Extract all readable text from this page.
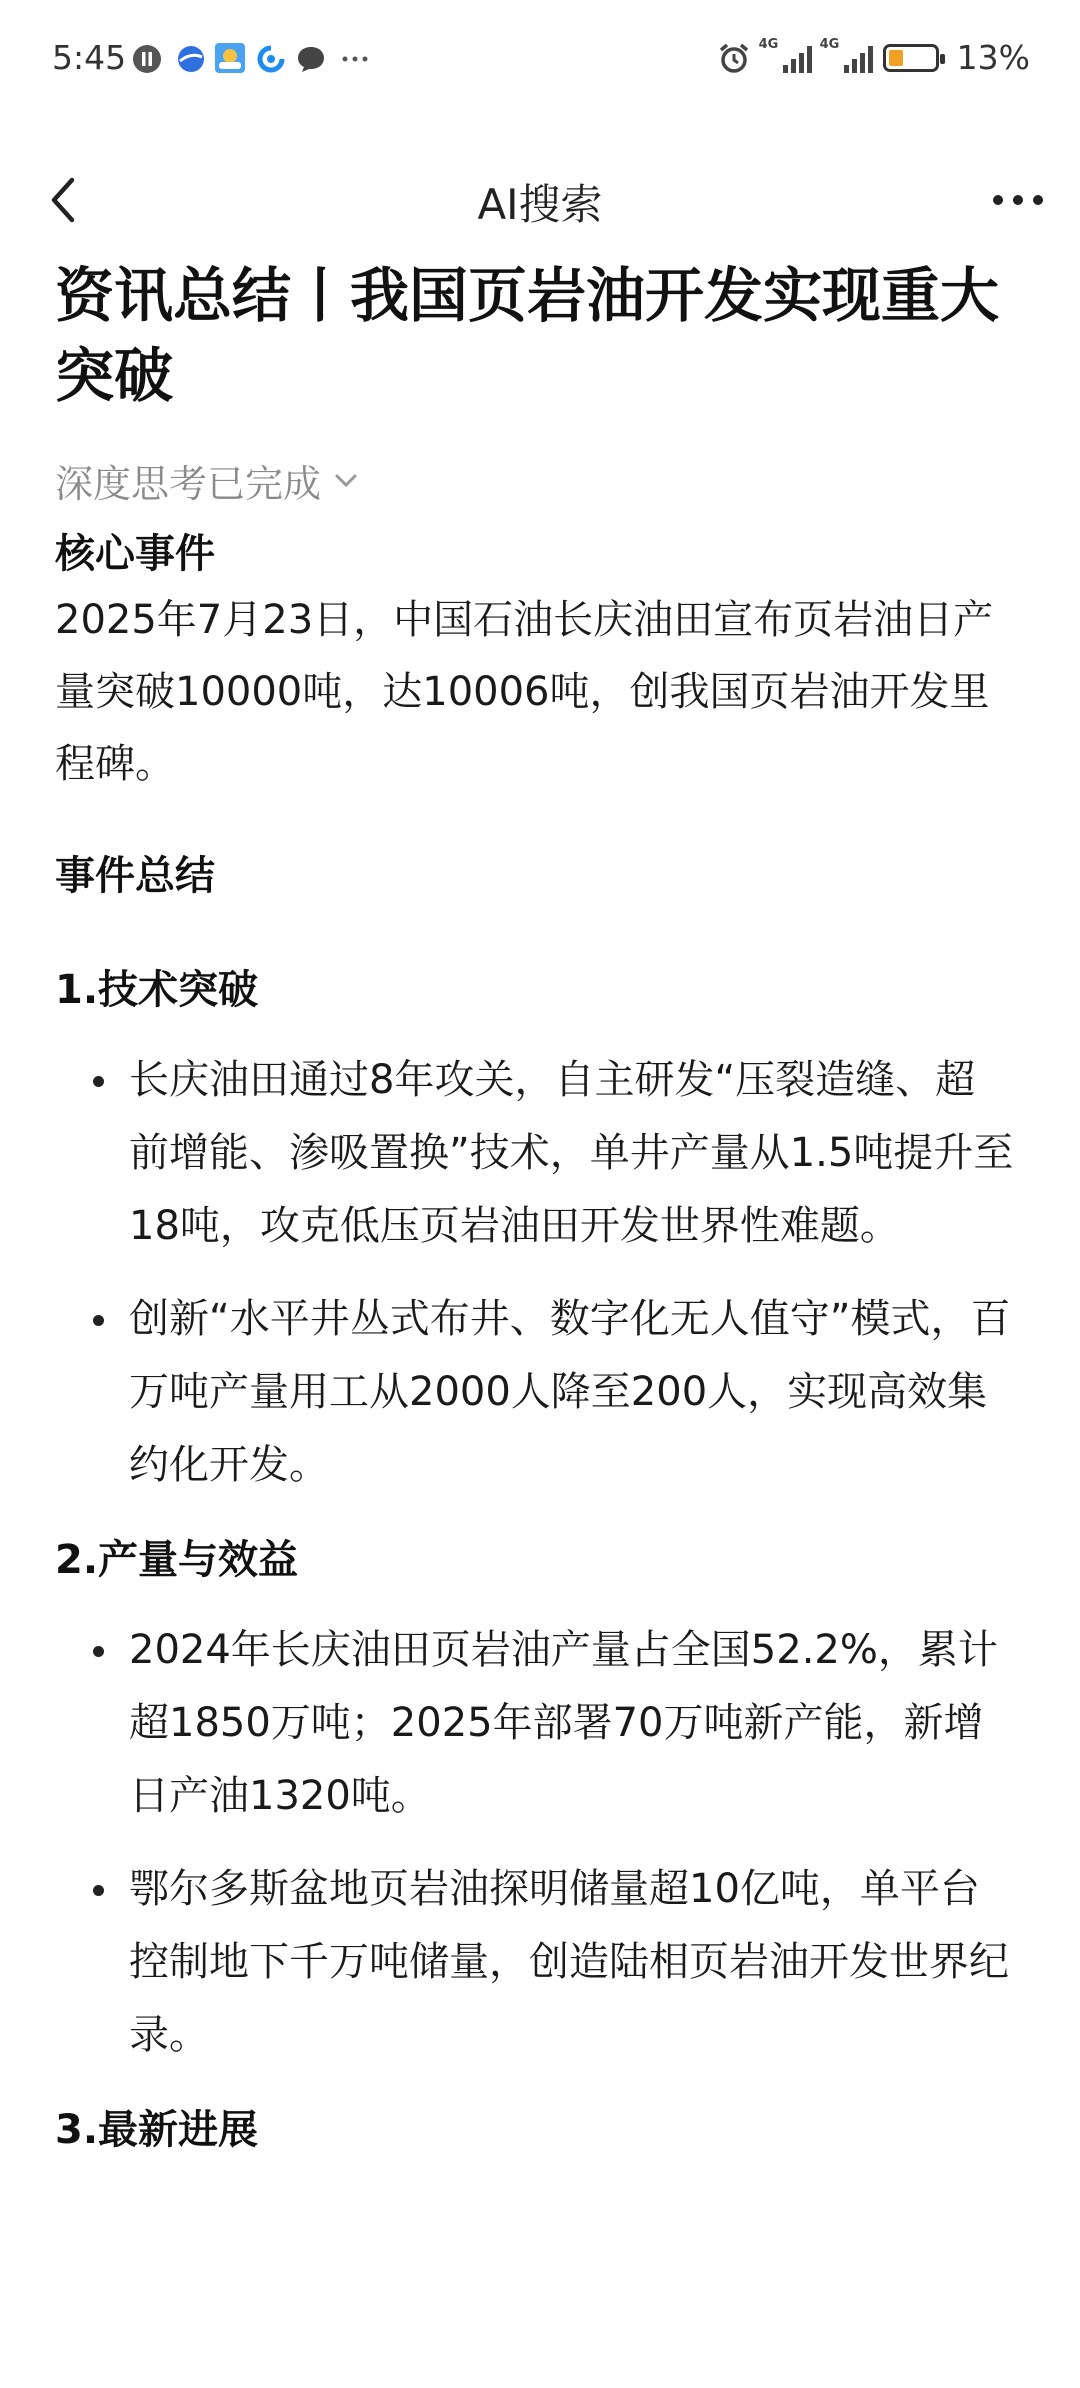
5:45	4G	4G	13%
AI搜索
资讯总结丨我国页岩油开发实现重大突破
深度思考已完成
核心事件

2025年7月23日，中国石油长庆油田宣布页岩油日产量突破10000吨，达10006吨，创我国页岩油开发里程碑。

事件总结
1.技术突破
长庆油田通过8年攻关，自主研发“压裂造缝、超前增能、渗吸置换”技术，单井产量从1.5吨提升至18吨，攻克低压页岩油田开发世界性难题。
创新“水平井丛式布井、数字化无人值守”模式，百万吨产量用工从2000人降至200人，实现高效集约化开发。
2.产量与效益
2024年长庆油田页岩油产量占全国52.2%，累计超1850万吨；2025年部署70万吨新产能，新增日产油1320吨。
鄂尔多斯盆地页岩油探明储量超10亿吨，单平台控制地下千万吨储量，创造陆相页岩油开发世界纪录。
3.最新进展
